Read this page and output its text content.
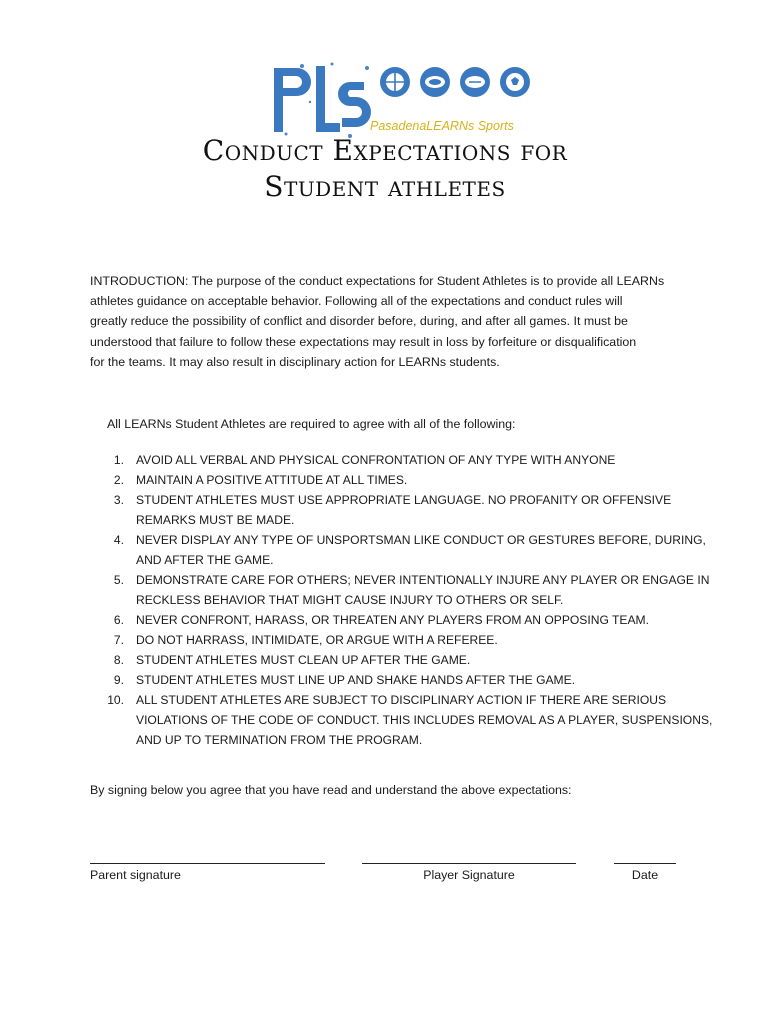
PasadenaLEARNs Sports
Conduct Expectations for
Student athletes
INTRODUCTION: The purpose of the conduct expectations for Student Athletes is to provide all LEARNs
athletes guidance on acceptable behavior. Following all of the expectations and conduct rules will
greatly reduce the possibility of conflict and disorder before, during, and after all games. It must be
understood that failure to follow these expectations may result in loss by forfeiture or disqualification
for the teams. It may also result in disciplinary action for LEARNs students.
All LEARNs Student Athletes are required to agree with all of the following:
1. AVOID ALL VERBAL AND PHYSICAL CONFRONTATION OF ANY TYPE WITH ANYONE
2. MAINTAIN A POSITIVE ATTITUDE AT ALL TIMES.
3. STUDENT ATHLETES MUST USE APPROPRIATE LANGUAGE. NO PROFANITY OR OFFENSIVE
REMARKS MUST BE MADE.
4. NEVER DISPLAY ANY TYPE OF UNSPORTSMAN LIKE CONDUCT OR GESTURES BEFORE, DURING,
AND AFTER THE GAME.
5. DEMONSTRATE CARE FOR OTHERS; NEVER INTENTIONALLY INJURE ANY PLAYER OR ENGAGE IN
RECKLESS BEHAVIOR THAT MIGHT CAUSE INJURY TO OTHERS OR SELF.
6. NEVER CONFRONT, HARASS, OR THREATEN ANY PLAYERS FROM AN OPPOSING TEAM.
7. DO NOT HARRASS, INTIMIDATE, OR ARGUE WITH A REFEREE.
8. STUDENT ATHLETES MUST CLEAN UP AFTER THE GAME.
9. STUDENT ATHLETES MUST LINE UP AND SHAKE HANDS AFTER THE GAME.
10. ALL STUDENT ATHLETES ARE SUBJECT TO DISCIPLINARY ACTION IF THERE ARE SERIOUS
VIOLATIONS OF THE CODE OF CONDUCT. THIS INCLUDES REMOVAL AS A PLAYER, SUSPENSIONS,
AND UP TO TERMINATION FROM THE PROGRAM.
By signing below you agree that you have read and understand the above expectations:
Parent signature	Player Signature	Date
